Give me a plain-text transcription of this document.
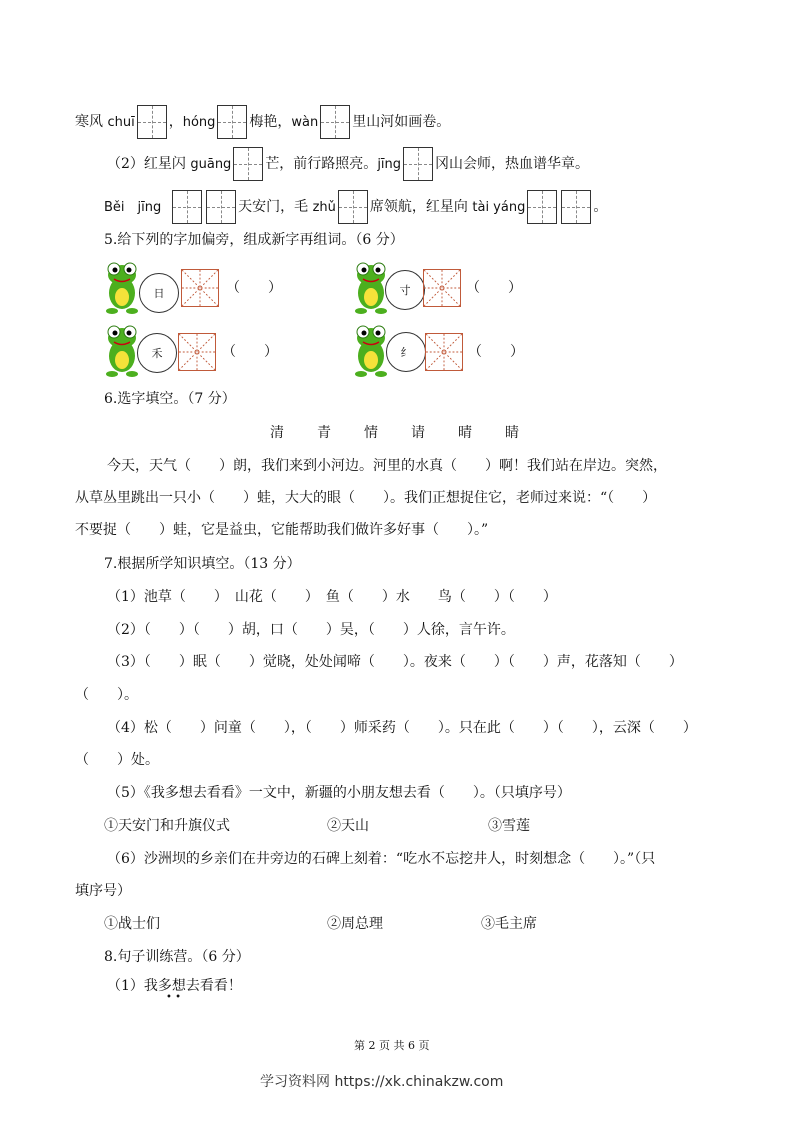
寒风 chuī ，hóng 梅艳，wàn 里山河如画卷。
（2）红星闪 guāng 芒，前行路照亮。jīng 冈山会师，热血谱华章。
Běi　jīng	天安门，毛 zhǔ 席领航，红星向 tài yáng	。
5.给下列的字加偏旁，组成新字再组词。（6 分）
日	（　　）	寸	（　　）
禾	（　　）	纟	（　　）
6.选字填空。（7 分）
清 青 情 请 晴 睛
今天，天气（　　）朗，我们来到小河边。河里的水真（　　）啊！我们站在岸边。突然，
从草丛里跳出一只小（　　）蛙，大大的眼（　　）。我们正想捉住它，老师过来说：“（　　）
不要捉（　　）蛙，它是益虫，它能帮助我们做许多好事（　　）。”
7.根据所学知识填空。（13 分）
（1）池草（　　）　山花（　　）　鱼（　　）水　　鸟（　　）（　　）
（2）（　　）（　　）胡，口（　　）吴，（　　）人徐，言午许。
（3）（　　）眠（　　）觉晓，处处闻啼（　　）。夜来（　　）（　　）声，花落知（　　）
（　　）。
（4）松（　　）问童（　　），（　　）师采药（　　）。只在此（　　）（　　），云深（　　）
（　　）处。
（5）《我多想去看看》一文中，新疆的小朋友想去看（　　）。（只填序号）
①天安门和升旗仪式	②天山	③雪莲
（6）沙洲坝的乡亲们在井旁边的石碑上刻着：“吃水不忘挖井人，时刻想念（　　）。”（只
填序号）
①战士们	②周总理	③毛主席
8.句子训练营。（6 分）
（1）我多想去看看！
• •
第 2 页 共 6 页
学习资料网 https://xk.chinakzw.com
